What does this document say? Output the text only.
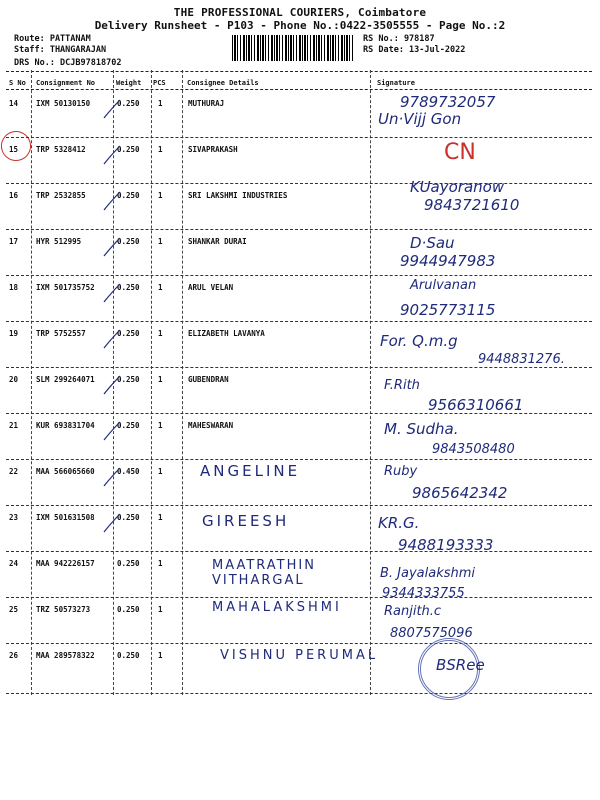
THE PROFESSIONAL COURIERS, Coimbatore
Delivery Runsheet - P103 - Phone No.:0422-3505555 - Page No.:2
Route: PATTANAM
Staff: THANGARAJAN
DRS No.: DCJB97818702
RS No.: 978187
RS Date: 13-Jul-2022
S No Consignment No	Weight PCS	Consignee Details	Signature
14 IXM 50130150	0.250 1	MUTHURAJ	9789732057
Un·Vijj Gon
15 TRP 5328412	0.250 1	SIVAPRAKASH	CN
16 TRP 2532855	0.250 1	SRI LAKSHMI INDUSTRIES	KUayoranow
9843721610
17 HYR 512995	0.250 1	SHANKAR DURAI	D·Sau
9944947983
18 IXM 501735752	0.250 1	ARUL VELAN	Arulvanan
9025773115
19 TRP 5752557	0.250 1	ELIZABETH LAVANYA	For. Q.m.g
9448831276.
20 SLM 299264071	0.250 1	GUBENDRAN	F.Rith
9566310661
21 KUR 693831704	0.250 1	MAHESWARAN	M. Sudha.
9843508480
22 MAA 566065660	0.450 1 ANGELINE	Ruby
9865642342
23 IXM 501631508	0.250 1	GIREESH	KR.G.
9488193333
24 MAA 942226157	0.250 1	MAATRATHIN VITHARGAL	B. Jayalakshmi
9344333755
25 TRZ 50573273	0.250 1	MAHALAKSHMI	Ranjith.c
8807575096
26 MAA 289578322	0.250 1	VISHNU PERUMAL
BSRee
